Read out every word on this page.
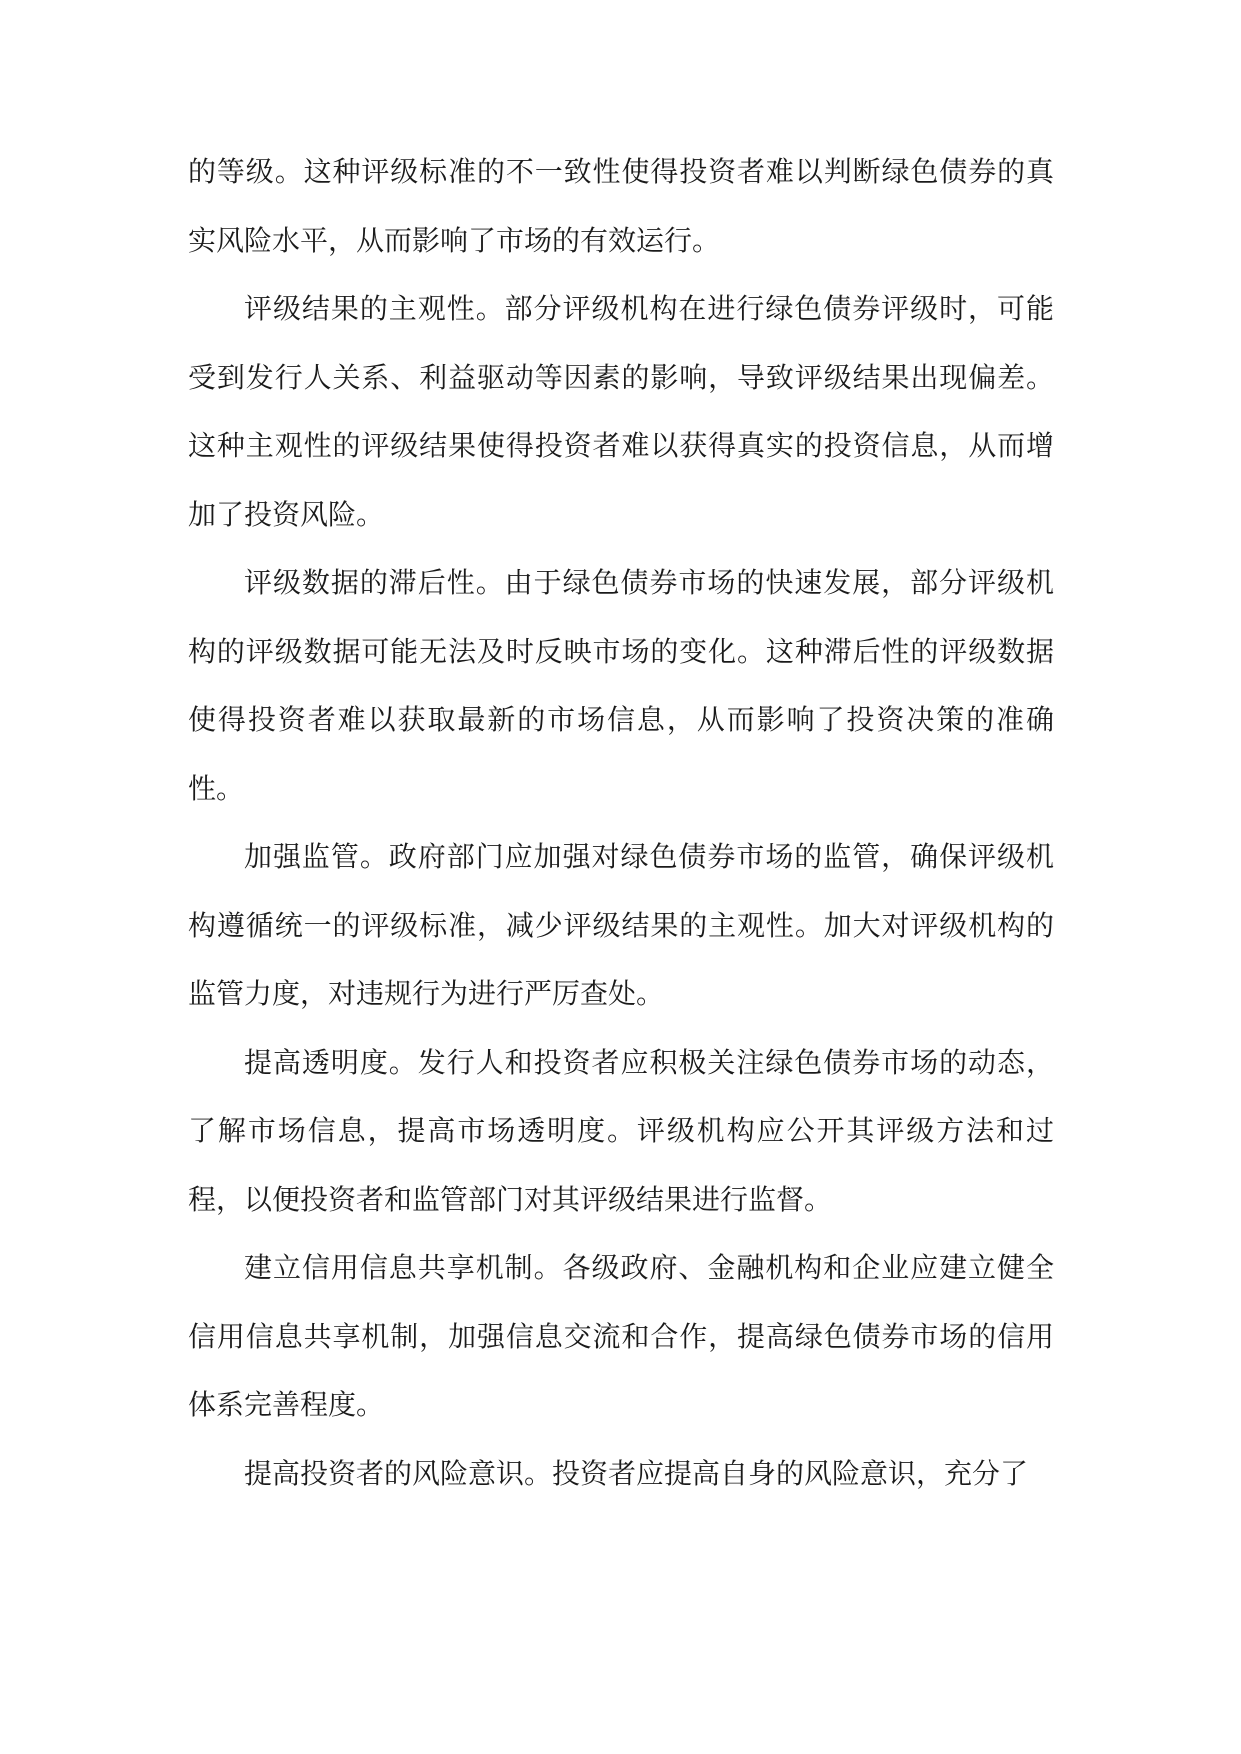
的等级。这种评级标准的不一致性使得投资者难以判断绿色债券的真实风险水平，从而影响了市场的有效运行。

评级结果的主观性。部分评级机构在进行绿色债券评级时，可能受到发行人关系、利益驱动等因素的影响，导致评级结果出现偏差。这种主观性的评级结果使得投资者难以获得真实的投资信息，从而增加了投资风险。

评级数据的滞后性。由于绿色债券市场的快速发展，部分评级机构的评级数据可能无法及时反映市场的变化。这种滞后性的评级数据使得投资者难以获取最新的市场信息，从而影响了投资决策的准确性。

加强监管。政府部门应加强对绿色债券市场的监管，确保评级机构遵循统一的评级标准，减少评级结果的主观性。加大对评级机构的监管力度，对违规行为进行严厉查处。

提高透明度。发行人和投资者应积极关注绿色债券市场的动态，了解市场信息，提高市场透明度。评级机构应公开其评级方法和过程，以便投资者和监管部门对其评级结果进行监督。

建立信用信息共享机制。各级政府、金融机构和企业应建立健全信用信息共享机制，加强信息交流和合作，提高绿色债券市场的信用体系完善程度。

提高投资者的风险意识。投资者应提高自身的风险意识，充分了
